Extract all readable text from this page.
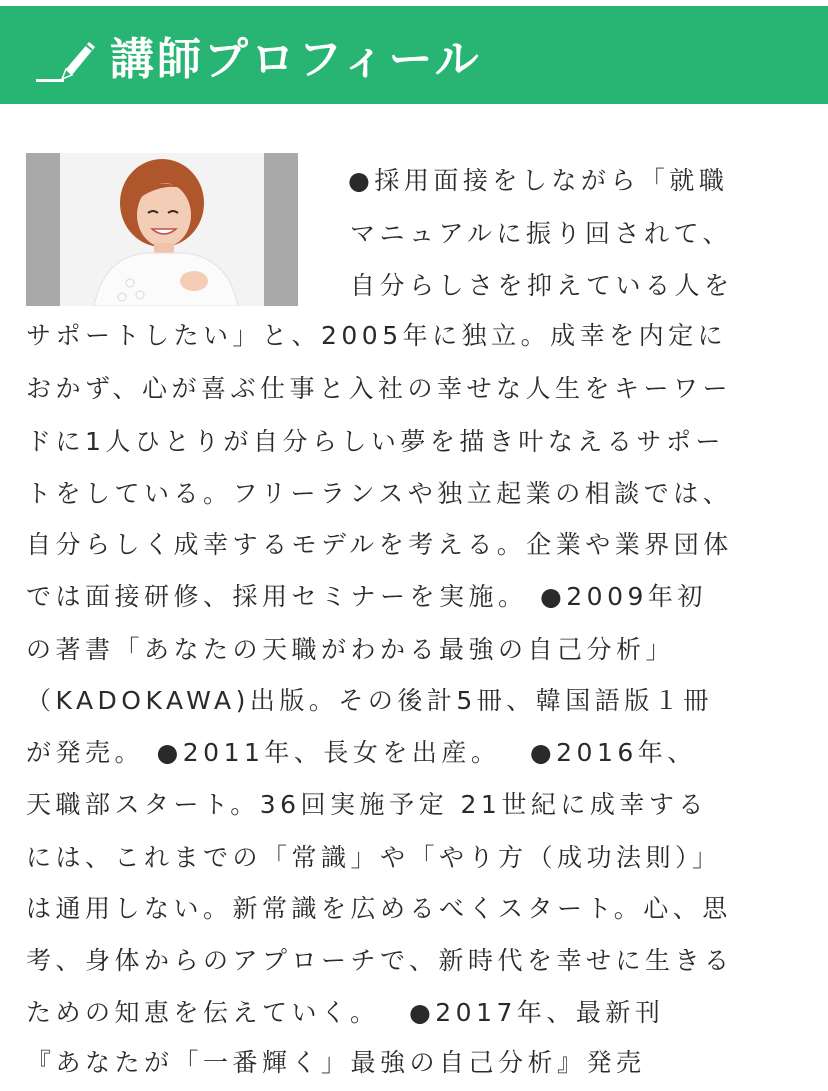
講師プロフィール
●採用面接をしながら「就職
マニュアルに振り回されて、
自分らしさを抑えている人を
サポートしたい」と、2005年に独立。成幸を内定に
おかず、心が喜ぶ仕事と入社の幸せな人生をキーワー
ドに1人ひとりが自分らしい夢を描き叶なえるサポー
トをしている。フリーランスや独立起業の相談では、
自分らしく成幸するモデルを考える。企業や業界団体
では面接研修、採用セミナーを実施。 ●2009年初
の著書「あなたの天職がわかる最強の自己分析」
（KADOKAWA)出版。その後計5冊、韓国語版１冊
が発売。 ●2011年、長女を出産。　 ●2016年、
天職部スタート。36回実施予定 21世紀に成幸する
には、これまでの「常識」や「やり方（成功法則）」
は通用しない。新常識を広めるべくスタート。心、思
考、身体からのアプローチで、新時代を幸せに生きる
ための知恵を伝えていく。　 ●2017年、最新刊
『あなたが「一番輝く」最強の自己分析』発売
